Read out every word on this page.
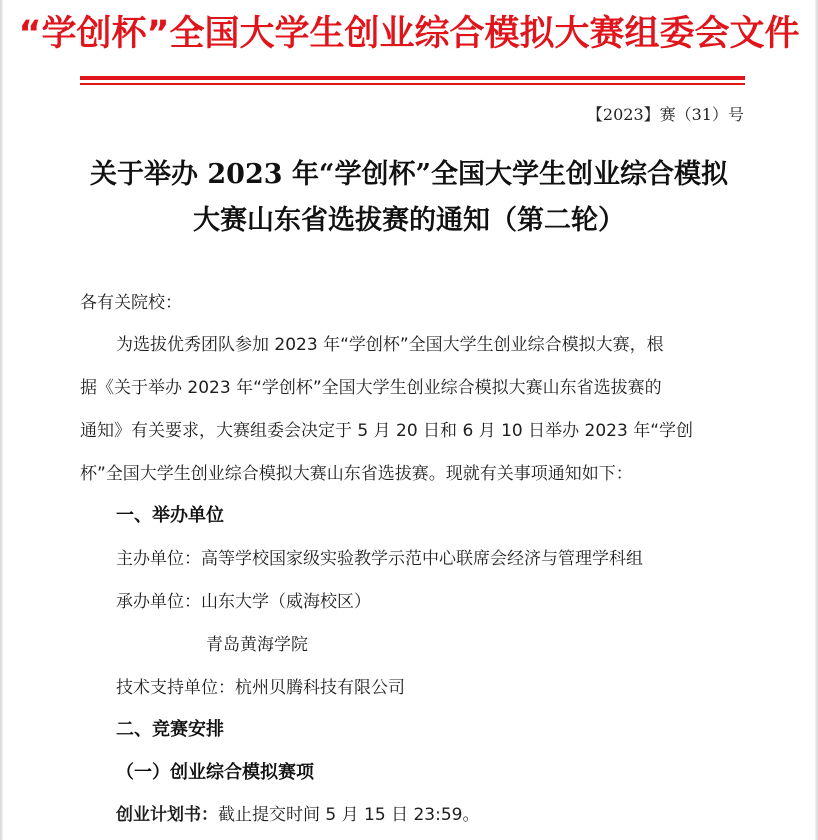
“学创杯”全国大学生创业综合模拟大赛组委会文件
【2023】赛（31）号
关于举办 2023 年“学创杯”全国大学生创业综合模拟
大赛山东省选拔赛的通知（第二轮）
各有关院校：
为选拔优秀团队参加 2023 年“学创杯”全国大学生创业综合模拟大赛，根
据《关于举办 2023 年“学创杯”全国大学生创业综合模拟大赛山东省选拔赛的
通知》有关要求，大赛组委会决定于 5 月 20 日和 6 月 10 日举办 2023 年“学创
杯”全国大学生创业综合模拟大赛山东省选拔赛。现就有关事项通知如下：
一、举办单位
主办单位：高等学校国家级实验教学示范中心联席会经济与管理学科组
承办单位：山东大学（威海校区）
青岛黄海学院
技术支持单位：杭州贝腾科技有限公司
二、竞赛安排
（一）创业综合模拟赛项
创业计划书：截止提交时间 5 月 15 日 23:59。
